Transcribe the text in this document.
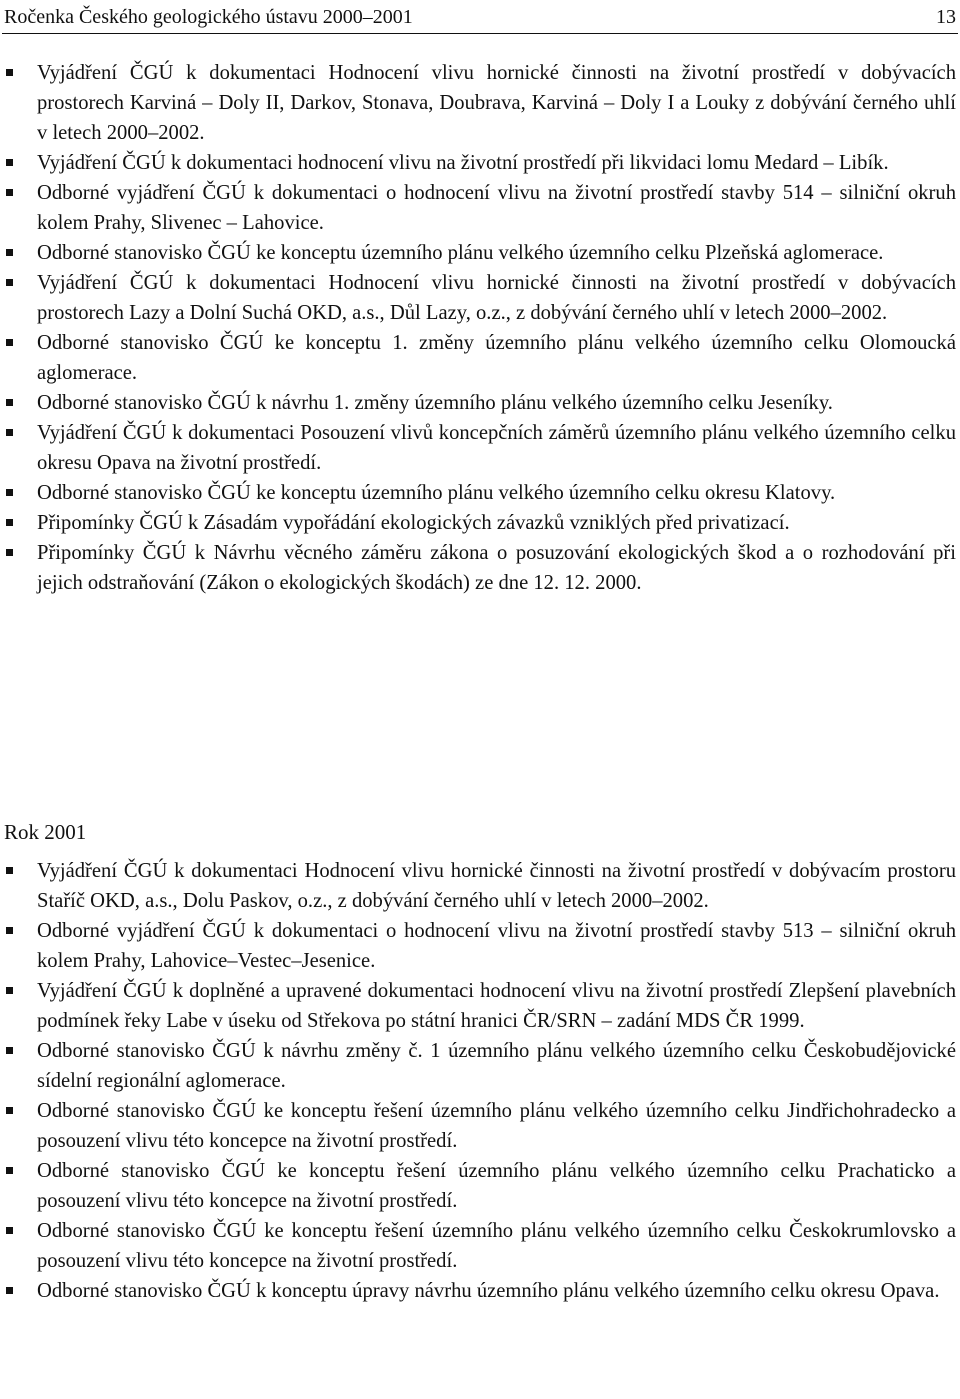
Ročenka Českého geologického ústavu 2000–2001	13
Vyjádření ČGÚ k dokumentaci Hodnocení vlivu hornické činnosti na životní prostředí v dobývacích prostorech Karviná – Doly II, Darkov, Stonava, Doubrava, Karviná – Doly I a Louky z dobývání černého uhlí v letech 2000–2002.
Vyjádření ČGÚ k dokumentaci hodnocení vlivu na životní prostředí při likvidaci lomu Medard – Libík.
Odborné vyjádření ČGÚ k dokumentaci o hodnocení vlivu na životní prostředí stavby 514 – silniční okruh kolem Prahy, Slivenec – Lahovice.
Odborné stanovisko ČGÚ ke konceptu územního plánu velkého územního celku Plzeňská aglomerace.
Vyjádření ČGÚ k dokumentaci Hodnocení vlivu hornické činnosti na životní prostředí v dobývacích prostorech Lazy a Dolní Suchá OKD, a.s., Důl Lazy, o.z., z dobývání černého uhlí v letech 2000–2002.
Odborné stanovisko ČGÚ ke konceptu 1. změny územního plánu velkého územního celku Olomoucká aglomerace.
Odborné stanovisko ČGÚ k návrhu 1. změny územního plánu velkého územního celku Jeseníky.
Vyjádření ČGÚ k dokumentaci Posouzení vlivů koncepčních záměrů územního plánu velkého územního celku okresu Opava na životní prostředí.
Odborné stanovisko ČGÚ ke konceptu územního plánu velkého územního celku okresu Klatovy.
Připomínky ČGÚ k Zásadám vypořádání ekologických závazků vzniklých před privatizací.
Připomínky ČGÚ k Návrhu věcného záměru zákona o posuzování ekologických škod a o rozhodování při jejich odstraňování (Zákon o ekologických škodách) ze dne 12. 12. 2000.
Rok 2001
Vyjádření ČGÚ k dokumentaci Hodnocení vlivu hornické činnosti na životní prostředí v dobývacím prostoru Staříč OKD, a.s., Dolu Paskov, o.z., z dobývání černého uhlí v letech 2000–2002.
Odborné vyjádření ČGÚ k dokumentaci o hodnocení vlivu na životní prostředí stavby 513 – silniční okruh kolem Prahy, Lahovice–Vestec–Jesenice.
Vyjádření ČGÚ k doplněné a upravené dokumentaci hodnocení vlivu na životní prostředí Zlepšení plavebních podmínek řeky Labe v úseku od Střekova po státní hranici ČR/SRN – zadání MDS ČR 1999.
Odborné stanovisko ČGÚ k návrhu změny č. 1 územního plánu velkého územního celku Českobudějovické sídelní regionální aglomerace.
Odborné stanovisko ČGÚ ke konceptu řešení územního plánu velkého územního celku Jindřichohradecko a posouzení vlivu této koncepce na životní prostředí.
Odborné stanovisko ČGÚ ke konceptu řešení územního plánu velkého územního celku Prachaticko a posouzení vlivu této koncepce na životní prostředí.
Odborné stanovisko ČGÚ ke konceptu řešení územního plánu velkého územního celku Českokrumlovsko a posouzení vlivu této koncepce na životní prostředí.
Odborné stanovisko ČGÚ k konceptu úpravy návrhu územního plánu velkého územního celku okresu Opava.
